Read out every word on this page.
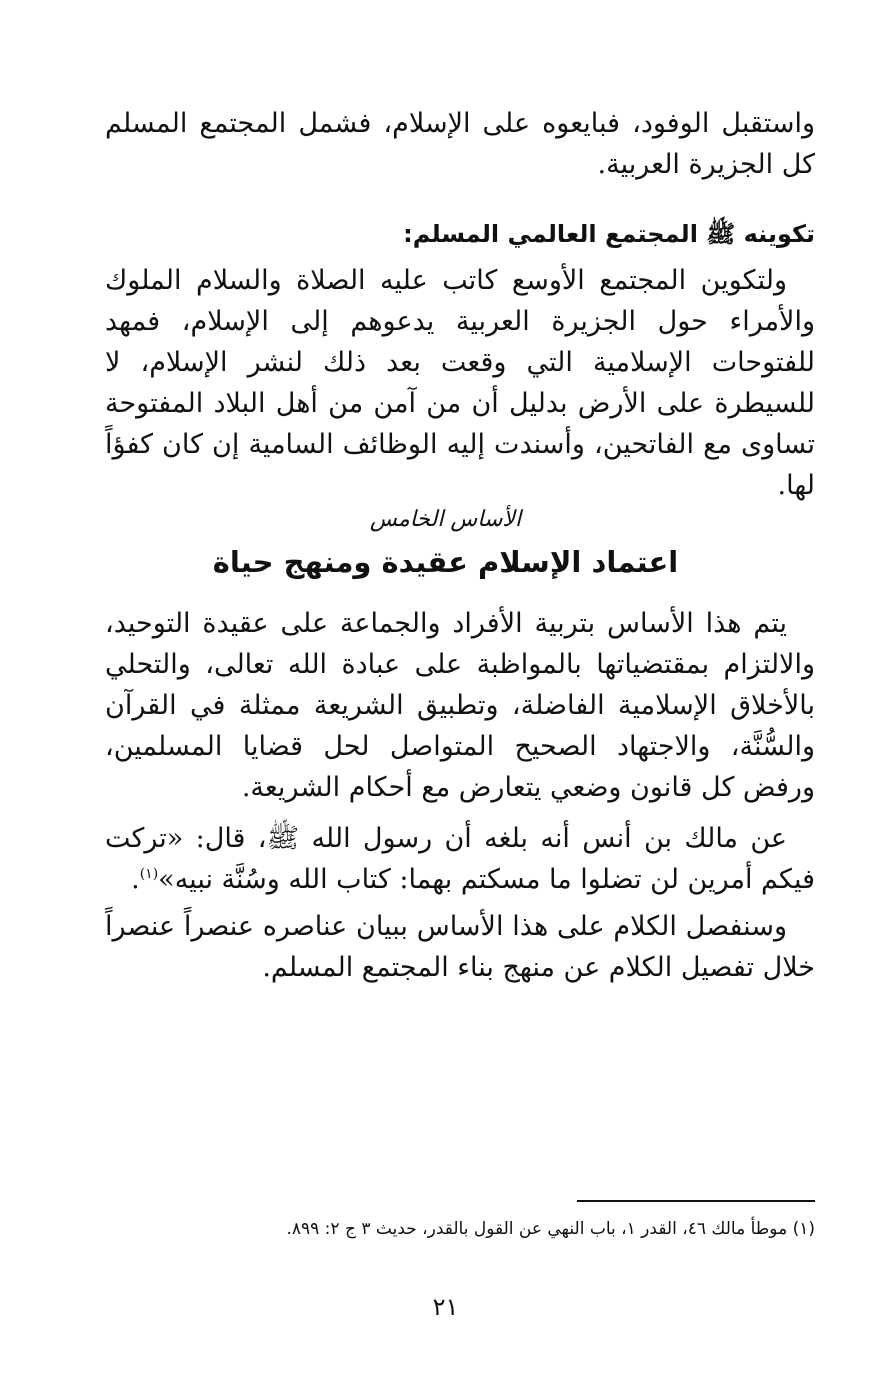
واستقبل الوفود، فبايعوه على الإسلام، فشمل المجتمع المسلم كل الجزيرة العربية.

تكوينه ﷺ المجتمع العالمي المسلم:

ولتكوين المجتمع الأوسع كاتب عليه الصلاة والسلام الملوك والأمراء حول الجزيرة العربية يدعوهم إلى الإسلام، فمهد للفتوحات الإسلامية التي وقعت بعد ذلك لنشر الإسلام، لا للسيطرة على الأرض بدليل أن من آمن من أهل البلاد المفتوحة تساوى مع الفاتحين، وأسندت إليه الوظائف السامية إن كان كفؤاً لها.

الأساس الخامس
اعتماد الإسلام عقيدة ومنهج حياة

يتم هذا الأساس بتربية الأفراد والجماعة على عقيدة التوحيد، والالتزام بمقتضياتها بالمواظبة على عبادة الله تعالى، والتحلي بالأخلاق الإسلامية الفاضلة، وتطبيق الشريعة ممثلة في القرآن والسُّنَّة، والاجتهاد الصحيح المتواصل لحل قضايا المسلمين، ورفض كل قانون وضعي يتعارض مع أحكام الشريعة.

عن مالك بن أنس أنه بلغه أن رسول الله ﷺ، قال: «تركت فيكم أمرين لن تضلوا ما مسكتم بهما: كتاب الله وسُنَّة نبيه»$^{(١)}$.

وسنفصل الكلام على هذا الأساس ببيان عناصره عنصراً عنصراً خلال تفصيل الكلام عن منهج بناء المجتمع المسلم.

(١) موطأ مالك ٤٦، القدر ١، باب النهي عن القول بالقدر، حديث ٣ ج ٢: ٨٩٩.
٢١
